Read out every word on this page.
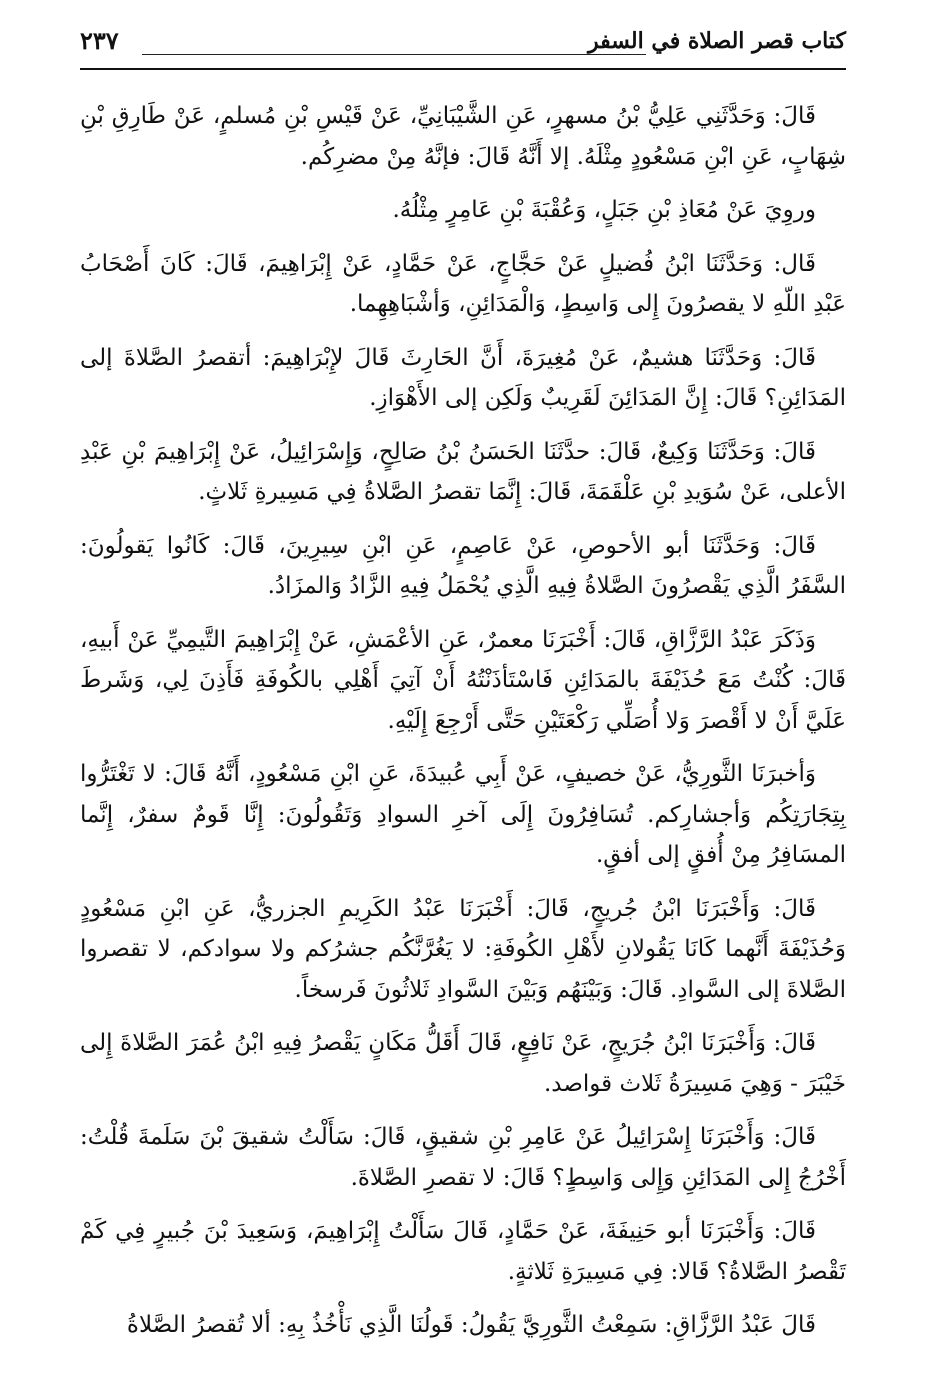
كتاب قصر الصلاة في السفر
٢٣٧

قَالَ: وَحَدَّثَنِي عَلِيُّ بْنُ مسهرٍ، عَنِ الشَّيْبَانِيِّ، عَنْ قَيْسِ بْنِ مُسلمٍ، عَنْ طَارِقِ بْنِ شِهَابٍ، عَنِ ابْنِ مَسْعُودٍ مِثْلَهُ. إلا أَنَّهُ قَالَ: فإنَّهُ مِنْ مضرِكُم.

وروِيَ عَنْ مُعَاذِ بْنِ جَبَلٍ، وَعُقْبَةَ بْنِ عَامِرٍ مِثْلُهُ.

قَال: وَحَدَّثَنَا ابْنُ فُضيلٍ عَنْ حَجَّاجٍ، عَنْ حَمَّادٍ، عَنْ إِبْرَاهِيمَ، قَالَ: كَانَ أَصْحَابُ عَبْدِ اللّهِ لا يقصرُونَ إِلى وَاسِطٍ، وَالْمَدَائِنِ، وَأشْبَاهِهِما.

قَالَ: وَحَدَّثَنَا هشيمٌ، عَنْ مُغِيرَةَ، أَنَّ الحَارِثَ قَالَ لإِبْرَاهِيمَ: أتقصرُ الصَّلاةَ إلى المَدَائِنِ؟ قَالَ: إِنَّ المَدَائِنَ لَقَرِيبٌ وَلَكِن إلى الأَهْوَازِ.

قَالَ: وَحَدَّثَنَا وَكِيعٌ، قَالَ: حدَّثَنَا الحَسَنُ بْنُ صَالِحٍ، وَإِسْرَائِيلُ، عَنْ إِبْرَاهِيمَ بْنِ عَبْدِ الأعلى، عَنْ سُوَيدِ بْنِ عَلْقَمَةَ، قَالَ: إِنَّمَا تقصرُ الصَّلاةُ فِي مَسِيرةِ ثَلاثٍ.

قَالَ: وَحَدَّثَنَا أبو الأحوصِ، عَنْ عَاصِمٍ، عَنِ ابْنِ سِيرِينَ، قَالَ: كَانُوا يَقولُونَ: السَّفَرُ الَّذِي يَقْصرُونَ الصَّلاةُ فِيهِ الَّذِي يُحْمَلُ فِيهِ الزَّادُ وَالمزَادُ.

وَذَكَرَ عَبْدُ الرَّزَّاقِ، قَالَ: أَخْبَرَنَا معمرٌ، عَنِ الأعْمَشِ، عَنْ إِبْرَاهِيمَ التَّيمِيِّ عَنْ أَبيهِ، قَالَ: كُنْتُ مَعَ حُذَيْفَةَ بالمَدَائِنِ فَاسْتَأذَنْتُهُ أَنْ آتِيَ أَهْلِي بالكُوفَةِ فَأَذِنَ لِي، وَشَرطَ عَلَيَّ أَنْ لا أَقْصرَ وَلا أُصَلِّي رَكْعَتَيْنِ حَتَّى أَرْجِعَ إِلَيْهِ.

وَأخبرَنَا الثَّورِيُّ، عَنْ خصيفٍ، عَنْ أَبِي عُبيدَةَ، عَنِ ابْنِ مَسْعُودٍ، أَنَّهُ قَالَ: لا تَغْتَرُّوا بِتِجَارَتِكُم وَأجشارِكم. تُسَافِرُونَ إِلَى آخرِ السوادِ وَتَقُولُونَ: إِنَّا قَومٌ سفرٌ، إِنَّما المسَافِرُ مِنْ أُفقٍ إلى أفقٍ.

قَالَ: وَأَخْبَرَنَا ابْنُ جُريجٍ، قَالَ: أَخْبَرَنَا عَبْدُ الكَرِيمِ الجزريُّ، عَنِ ابْنِ مَسْعُودٍ وَحُذَيْفَةَ أَنَّهما كَانَا يَقُولانِ لأَهْلِ الكُوفَةِ: لا يَغُرَّنَّكُم جشرُكم ولا سوادكم، لا تقصروا الصَّلاةَ إلى السَّوادِ. قَالَ: وَبَيْنَهُم وَبَيْنَ السَّوادِ ثَلاثُونَ فَرسخاً.

قَالَ: وَأَخْبَرَنَا ابْنُ جُرَيجٍ، عَنْ نَافِعٍ، قَالَ أَقَلُّ مَكَانٍ يَقْصرُ فِيهِ ابْنُ عُمَرَ الصَّلاةَ إِلى خَيْبَرَ - وَهِيَ مَسِيرَةُ ثَلاث قواصد.

قَالَ: وَأَخْبَرَنَا إِسْرَائِيلُ عَنْ عَامِرِ بْنِ شقيقٍ، قَالَ: سَأَلْتُ شقيقَ بْنَ سَلَمةَ قُلْتُ: أَخْرُجُ إِلى المَدَائِنِ وَإِلى وَاسِطٍ؟ قَالَ: لا تقصرِ الصَّلاةَ.

قَالَ: وَأَخْبَرَنَا أبو حَنِيفَةَ، عَنْ حَمَّادٍ، قَالَ سَأَلْتُ إِبْرَاهِيمَ، وَسَعِيدَ بْنَ جُبيرٍ فِي كَمْ تَقْصرُ الصَّلاةُ؟ قَالا: فِي مَسِيرَةِ ثَلاثةٍ.

قَالَ عَبْدُ الرَّزَّاقِ: سَمِعْتُ الثَّورِيَّ يَقُولُ: قَولُنَا الَّذِي نَأْخُذُ بِهِ: ألا تُقصرُ الصَّلاةُ
